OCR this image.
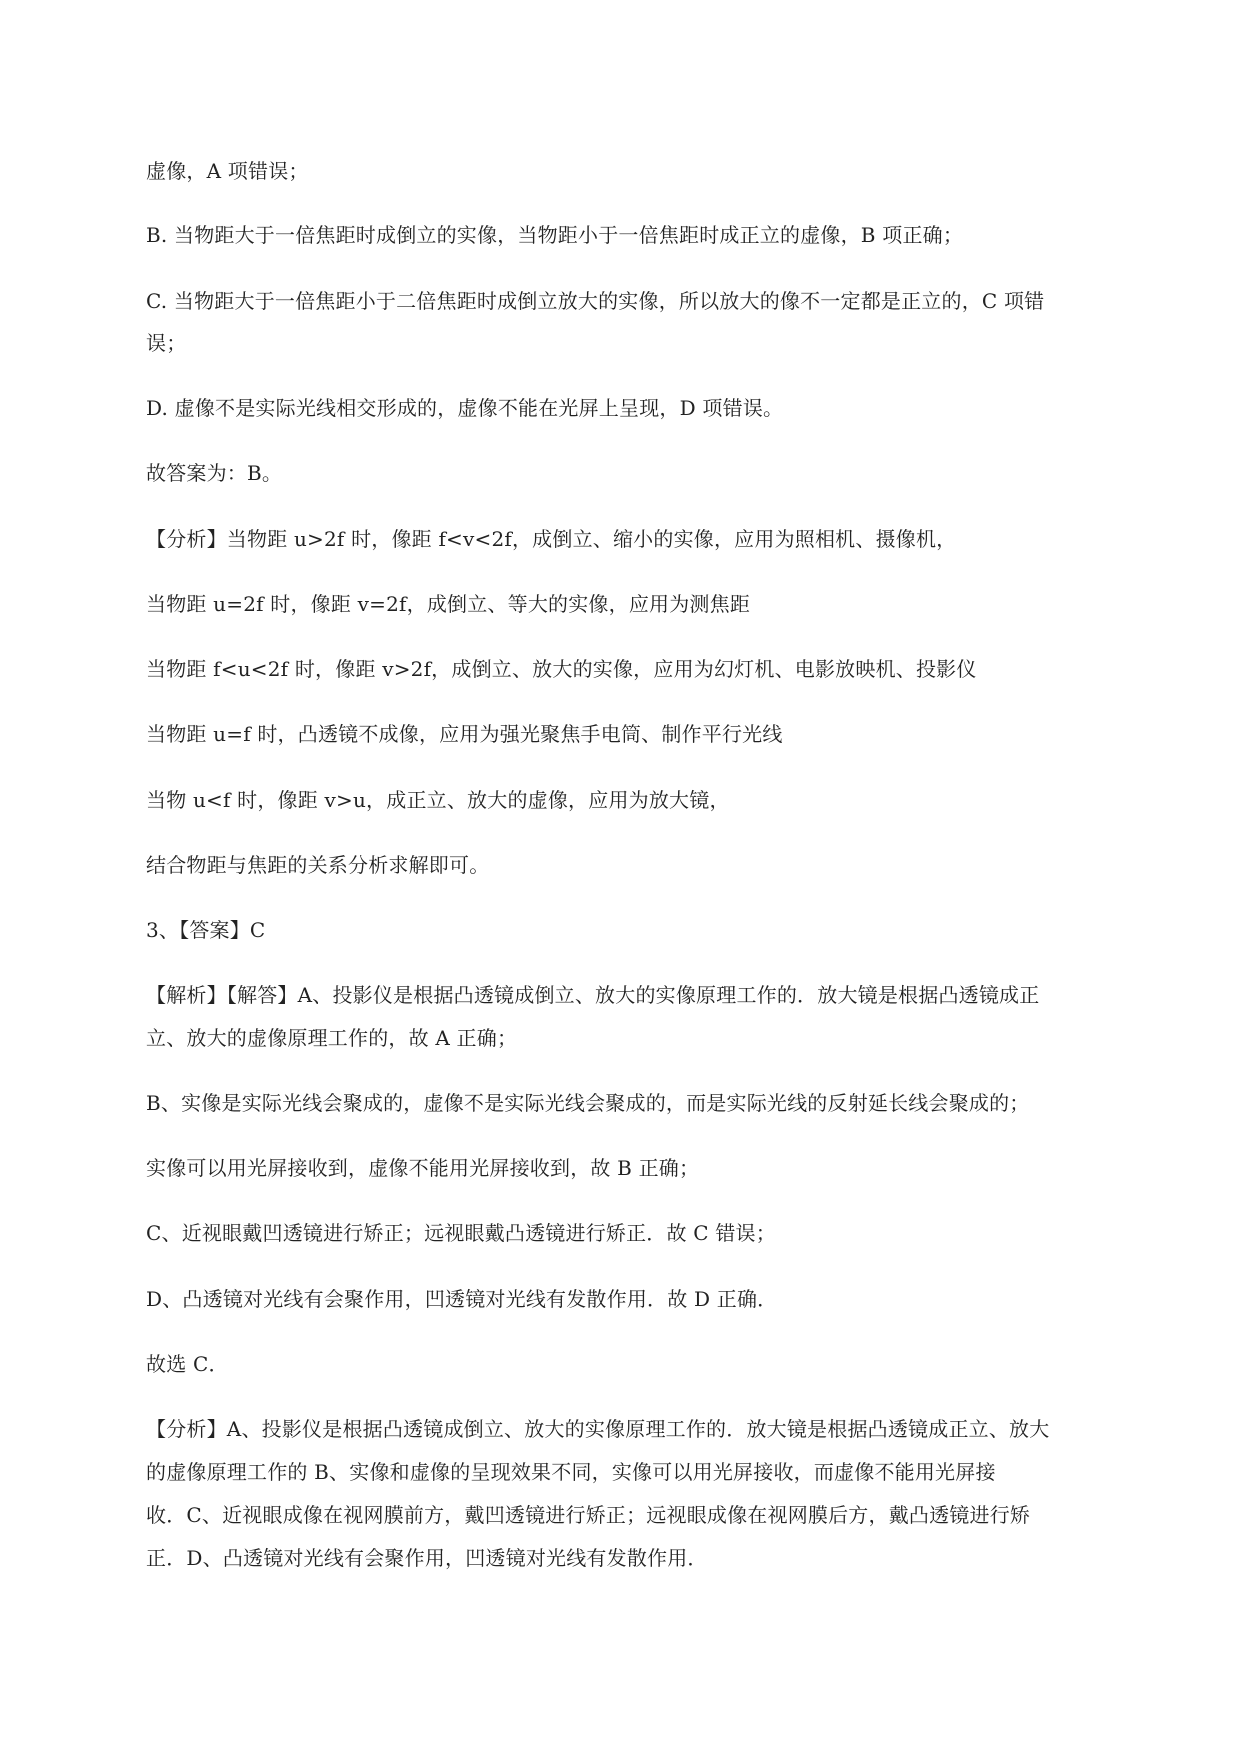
虚像，A 项错误；
B. 当物距大于一倍焦距时成倒立的实像，当物距小于一倍焦距时成正立的虚像，B 项正确；
C. 当物距大于一倍焦距小于二倍焦距时成倒立放大的实像，所以放大的像不一定都是正立的，C 项错
误；
D. 虚像不是实际光线相交形成的，虚像不能在光屏上呈现，D 项错误。
故答案为：B。
【分析】当物距 u>2f 时，像距 f<v<2f，成倒立、缩小的实像，应用为照相机、摄像机，
当物距 u=2f 时，像距 v=2f，成倒立、等大的实像，应用为测焦距
当物距 f<u<2f 时，像距 v>2f，成倒立、放大的实像，应用为幻灯机、电影放映机、投影仪
当物距 u=f 时，凸透镜不成像，应用为强光聚焦手电筒、制作平行光线
当物 u<f 时，像距 v>u，成正立、放大的虚像，应用为放大镜，
结合物距与焦距的关系分析求解即可。
3、【答案】C
【解析】【解答】A、投影仪是根据凸透镜成倒立、放大的实像原理工作的．放大镜是根据凸透镜成正
立、放大的虚像原理工作的，故 A 正确；
B、实像是实际光线会聚成的，虚像不是实际光线会聚成的，而是实际光线的反射延长线会聚成的；
实像可以用光屏接收到，虚像不能用光屏接收到，故 B 正确；
C、近视眼戴凹透镜进行矫正；远视眼戴凸透镜进行矫正．故 C 错误；
D、凸透镜对光线有会聚作用，凹透镜对光线有发散作用．故 D 正确．
故选 C．
【分析】A、投影仪是根据凸透镜成倒立、放大的实像原理工作的．放大镜是根据凸透镜成正立、放大
的虚像原理工作的 B、实像和虚像的呈现效果不同，实像可以用光屏接收，而虚像不能用光屏接
收．C、近视眼成像在视网膜前方，戴凹透镜进行矫正；远视眼成像在视网膜后方，戴凸透镜进行矫
正．D、凸透镜对光线有会聚作用，凹透镜对光线有发散作用．
